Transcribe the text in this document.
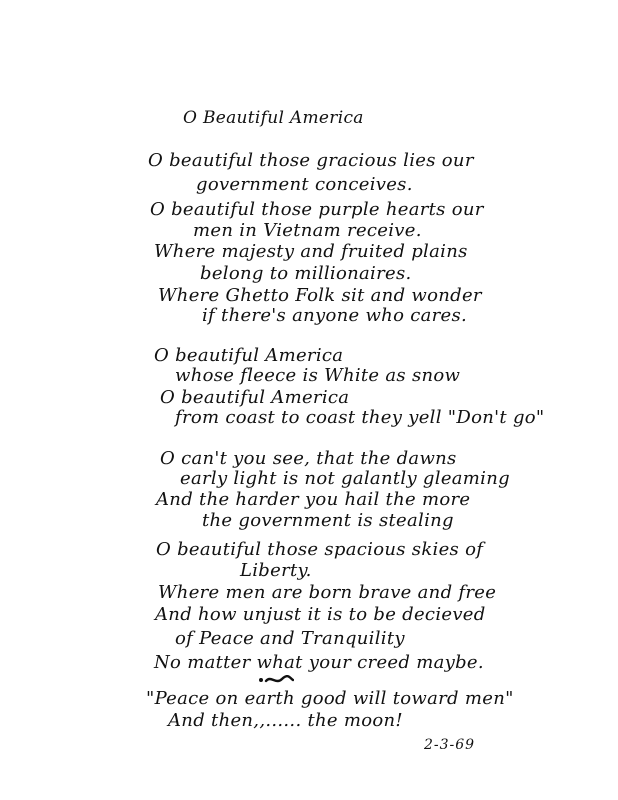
O Beautiful America

O beautiful those gracious lies our

government conceives.

O beautiful those purple hearts our

men in Vietnam receive.

Where majesty and fruited plains

belong to millionaires.

Where Ghetto Folk sit and wonder

if there's anyone who cares.

O beautiful America

whose fleece is White as snow

O beautiful America

from coast to coast they yell "Don't go"

O can't you see, that the dawns

early light is not galantly gleaming

And the harder you hail the more

the government is stealing

O beautiful those spacious skies of

Liberty.

Where men are born brave and free

And how unjust it is to be decieved

of Peace and Tranquility

No matter what your creed maybe.

"Peace on earth good will toward men"

And then,,...... the moon!

2-3-69
